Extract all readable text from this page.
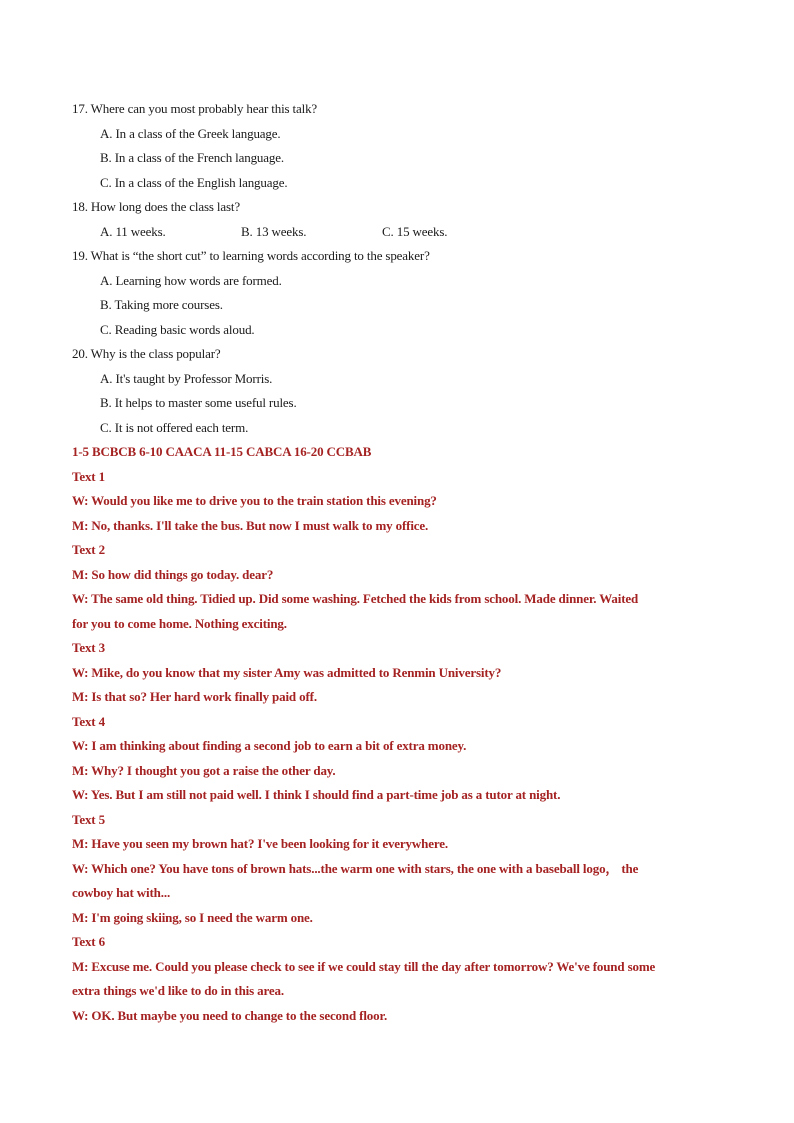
17. Where can you most probably hear this talk?
A. In a class of the Greek language.
B. In a class of the French language.
C. In a class of the English language.
18. How long does the class last?
A. 11 weeks.	B. 13 weeks.	C. 15 weeks.
19. What is “the short cut” to learning words according to the speaker?
A. Learning how words are formed.
B. Taking more courses.
C. Reading basic words aloud.
20. Why is the class popular?
A. It's taught by Professor Morris.
B. It helps to master some useful rules.
C. It is not offered each term.
1-5 BCBCB 6-10 CAACA 11-15 CABCA 16-20 CCBAB
Text 1
W: Would you like me to drive you to the train station this evening?
M: No, thanks. I'll take the bus. But now I must walk to my office.
Text 2
M: So how did things go today. dear?
W: The same old thing. Tidied up. Did some washing. Fetched the kids from school. Made dinner. Waited
for you to come home. Nothing exciting.
Text 3
W: Mike, do you know that my sister Amy was admitted to Renmin University?
M: Is that so? Her hard work finally paid off.
Text 4
W: I am thinking about finding a second job to earn a bit of extra money.
M: Why? I thought you got a raise the other day.
W: Yes. But I am still not paid well. I think I should find a part-time job as a tutor at night.
Text 5
M: Have you seen my brown hat? I've been looking for it everywhere.
W: Which one? You have tons of brown hats...the warm one with stars, the one with a baseball logo， the
cowboy hat with...
M: I'm going skiing, so I need the warm one.
Text 6
M: Excuse me. Could you please check to see if we could stay till the day after tomorrow? We've found some
extra things we'd like to do in this area.
W: OK. But maybe you need to change to the second floor.
